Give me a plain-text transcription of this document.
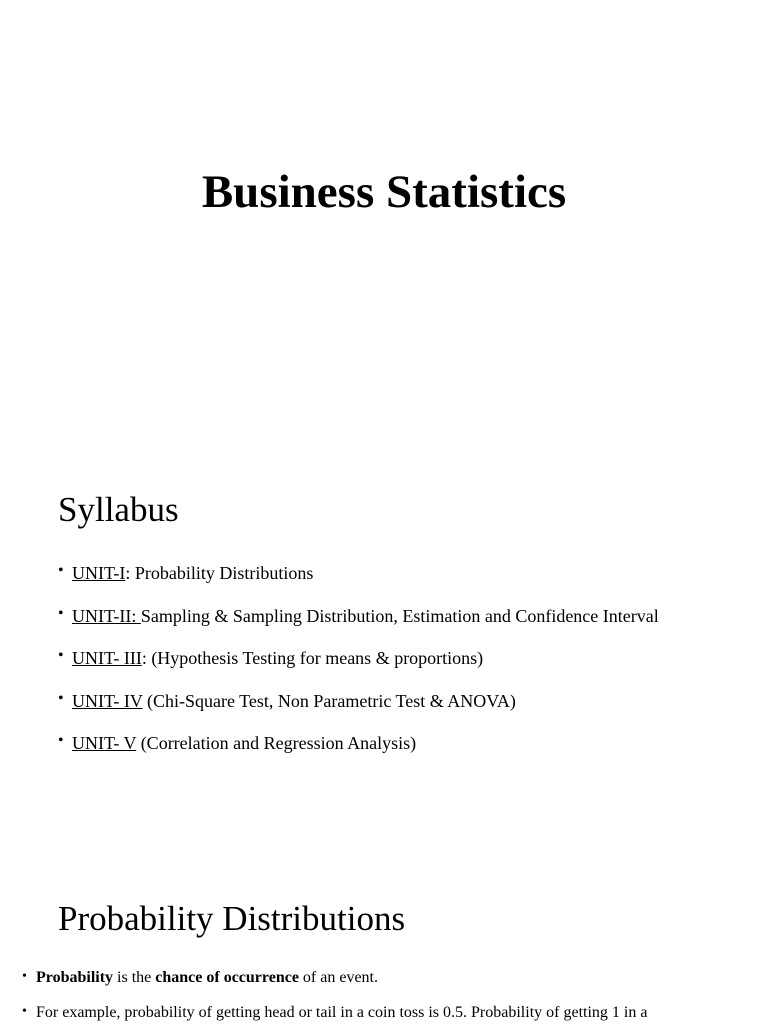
Business Statistics
Syllabus
• UNIT-I: Probability Distributions
• UNIT-II: Sampling & Sampling Distribution, Estimation and Confidence Interval
• UNIT- III: (Hypothesis Testing for means & proportions)
• UNIT- IV (Chi-Square Test, Non Parametric Test & ANOVA)
• UNIT- V (Correlation and Regression Analysis)
Probability Distributions
• Probability is the chance of occurrence of an event.
• For example, probability of getting head or tail in a coin toss is 0.5. Probability of getting 1 in a
